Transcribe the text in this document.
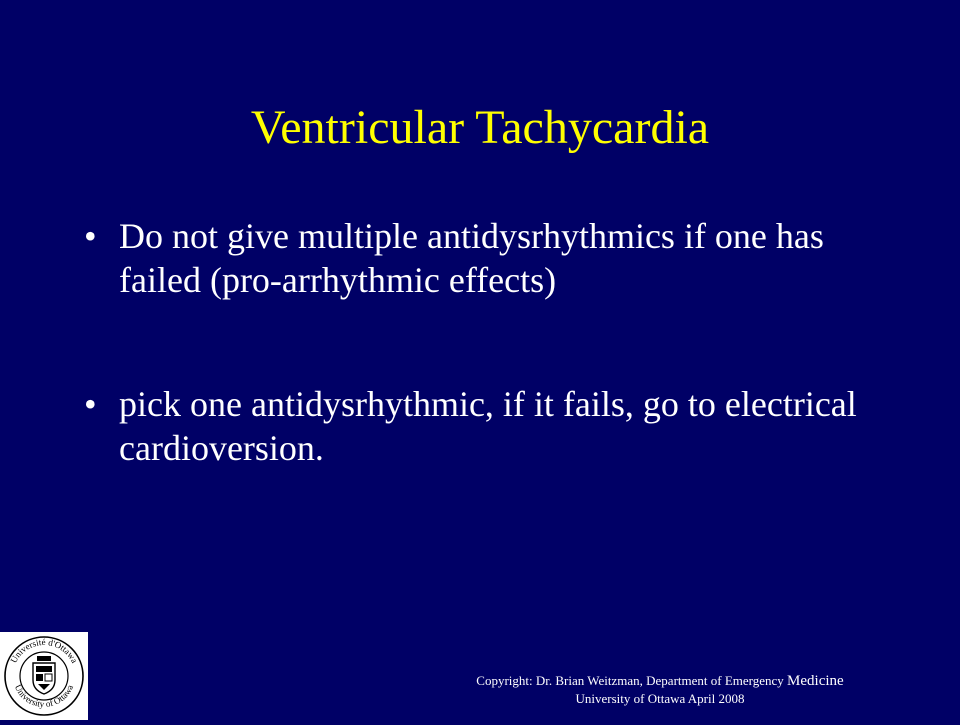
Ventricular Tachycardia
• Do not give multiple antidysrhythmics if one has failed (pro-arrhythmic effects)
• pick one antidysrhythmic, if it fails, go to electrical cardioversion.
Université d'Ottawa
University of Ottawa	Copyright: Dr. Brian Weitzman, Department of Emergency Medicine
University of Ottawa April 2008
